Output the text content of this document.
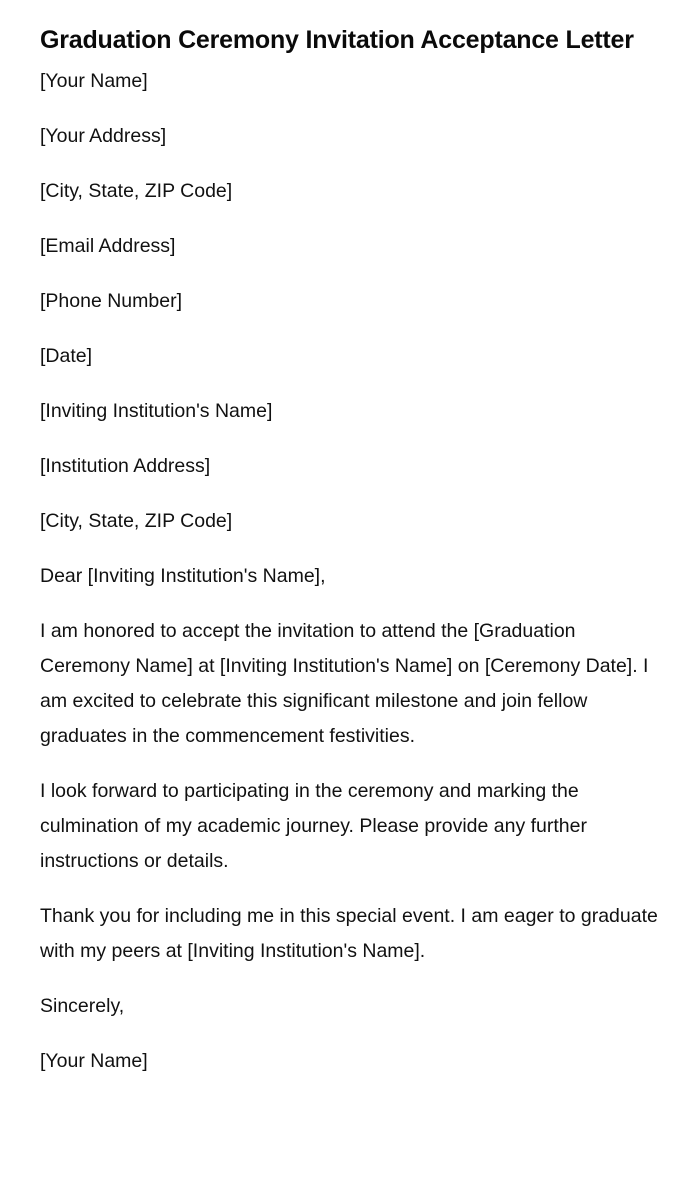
Graduation Ceremony Invitation Acceptance Letter

[Your Name]

[Your Address]

[City, State, ZIP Code]

[Email Address]

[Phone Number]

[Date]

[Inviting Institution's Name]

[Institution Address]

[City, State, ZIP Code]

Dear [Inviting Institution's Name],

I am honored to accept the invitation to attend the [Graduation Ceremony Name] at [Inviting Institution's Name] on [Ceremony Date]. I am excited to celebrate this significant milestone and join fellow graduates in the commencement festivities.

I look forward to participating in the ceremony and marking the culmination of my academic journey. Please provide any further instructions or details.

Thank you for including me in this special event. I am eager to graduate with my peers at [Inviting Institution's Name].

Sincerely,

[Your Name]
